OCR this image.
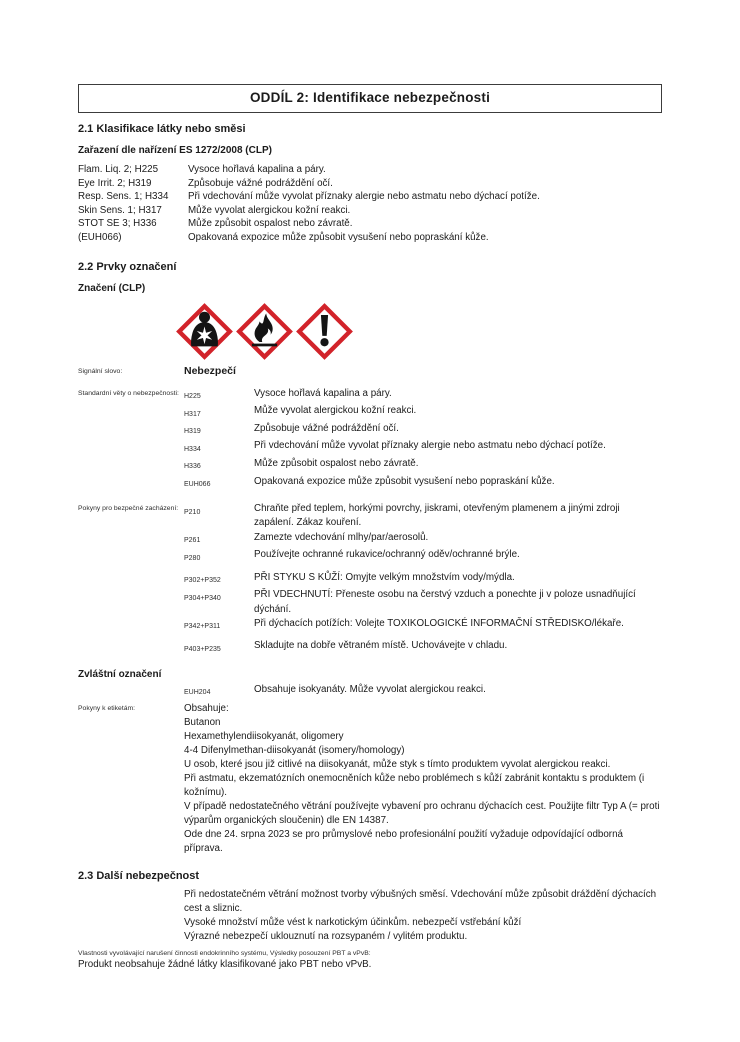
ODDÍL 2: Identifikace nebezpečnosti
2.1 Klasifikace látky nebo směsi
Zařazení dle nařízení ES 1272/2008 (CLP)
Flam. Liq. 2; H225	Vysoce hořlavá kapalina a páry.
Eye Irrit. 2; H319	Způsobuje vážné podráždění očí.
Resp. Sens. 1; H334	Při vdechování může vyvolat příznaky alergie nebo astmatu nebo dýchací potíže.
Skin Sens. 1; H317	Může vyvolat alergickou kožní reakci.
STOT SE 3; H336	Může způsobit ospalost nebo závratě.
(EUH066)	Opakovaná expozice může způsobit vysušení nebo popraskání kůže.
2.2 Prvky označení
Značení (CLP)
Signální slovo:	Nebezpečí
Standardní věty o nebezpečnosti: H225	Vysoce hořlavá kapalina a páry.
H317	Může vyvolat alergickou kožní reakci.
H319	Způsobuje vážné podráždění očí.
H334	Při vdechování může vyvolat příznaky alergie nebo astmatu nebo dýchací potíže.
H336	Může způsobit ospalost nebo závratě.
EUH066	Opakovaná expozice může způsobit vysušení nebo popraskání kůže.
Pokyny pro bezpečné zacházení: P210	Chraňte před teplem, horkými povrchy, jiskrami, otevřeným plamenem a jinými zdroji zapálení. Zákaz kouření.
P261	Zamezte vdechování mlhy/par/aerosolů.
P280	Používejte ochranné rukavice/ochranný oděv/ochranné brýle.
P302+P352	PŘI STYKU S KŮŽÍ: Omyjte velkým množstvím vody/mýdla.
P304+P340	PŘI VDECHNUTÍ: Přeneste osobu na čerstvý vzduch a ponechte ji v poloze usnadňující dýchání.
P342+P311	Při dýchacích potížích: Volejte TOXIKOLOGICKÉ INFORMAČNÍ STŘEDISKO/lékaře.
P403+P235	Skladujte na dobře větraném místě. Uchovávejte v chladu.
Zvláštní označení
EUH204	Obsahuje isokyanáty. Může vyvolat alergickou reakci.
Pokyny k etiketám:	Obsahuje:
Butanon
Hexamethylendiisokyanát, oligomery
4-4 Difenylmethan-diisokyanát (isomery/homology)
U osob, které jsou již citlivé na diisokyanát, může styk s tímto produktem vyvolat alergickou reakci.
Při astmatu, ekzematózních onemocněních kůže nebo problémech s kůží zabránit kontaktu s produktem (i kožnímu).
V případě nedostatečného větrání používejte vybavení pro ochranu dýchacích cest. Použijte filtr Typ A (= proti výparům organických sloučenin) dle EN 14387.
Ode dne 24. srpna 2023 se pro průmyslové nebo profesionální použití vyžaduje odpovídající odborná příprava.
2.3 Další nebezpečnost
Při nedostatečném větrání možnost tvorby výbušných směsí. Vdechování může způsobit dráždění dýchacích cest a sliznic.
Vysoké množství může vést k narkotickým účinkům. nebezpečí vstřebání kůží
Výrazné nebezpečí uklouznutí na rozsypaném / vylitém produktu.
Vlastnosti vyvolávající narušení činnosti endokrinního systému, Výsledky posouzení PBT a vPvB:
Produkt neobsahuje žádné látky klasifikované jako PBT nebo vPvB.
